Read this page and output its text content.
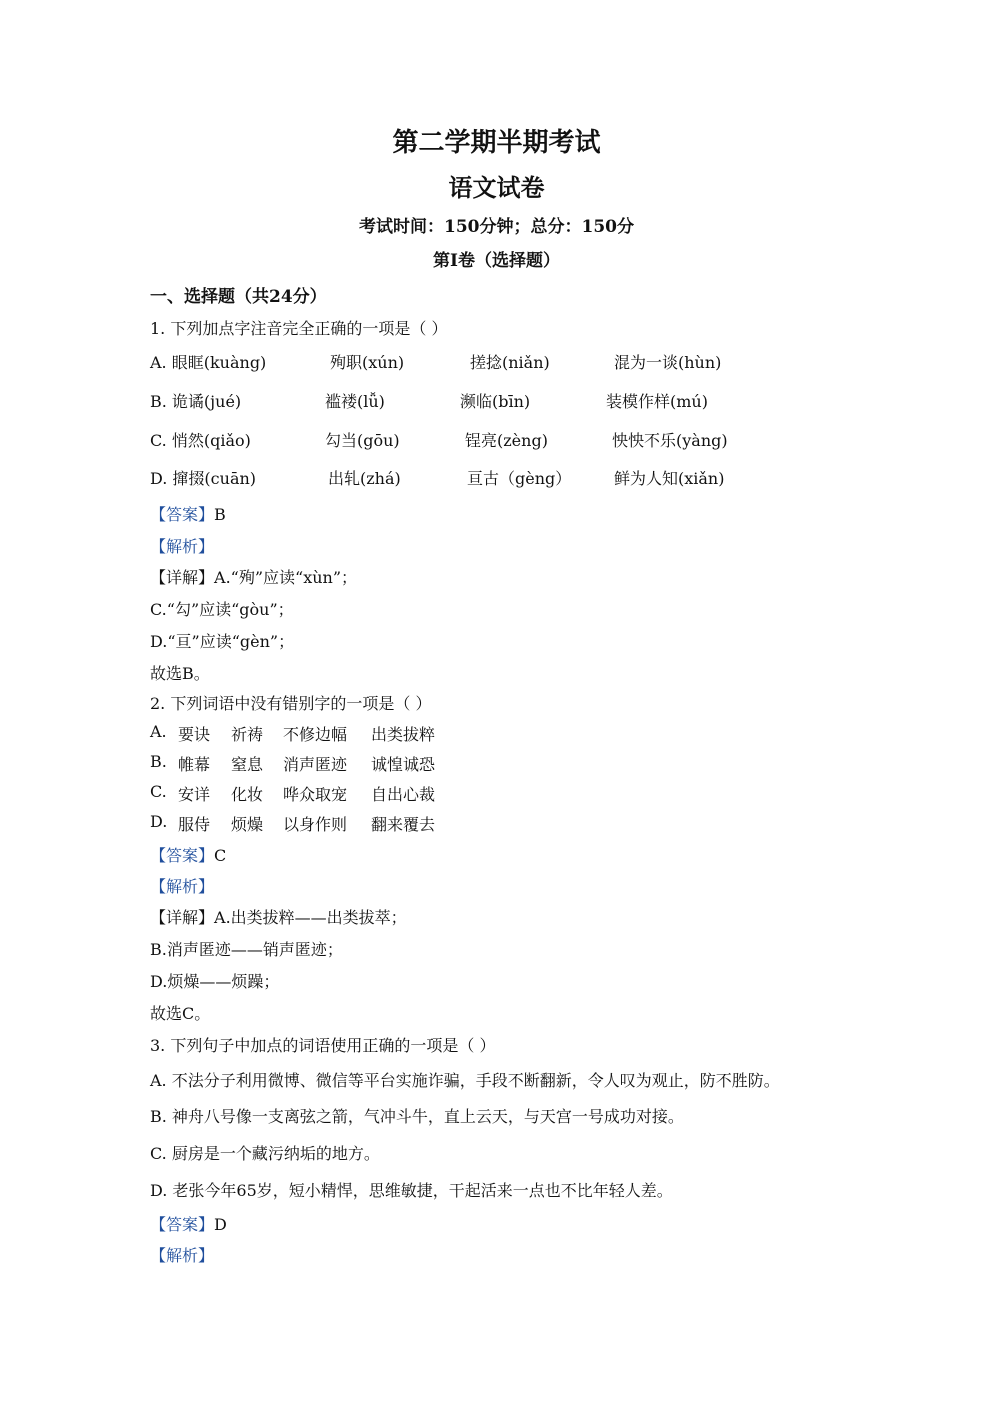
第二学期半期考试
语文试卷
考试时间：150分钟；总分：150分
第I卷（选择题）
一、选择题（共24分）
1. 下列加点字注音完全正确的一项是（ ）
A. 眼眶(kuàng)	殉职(xún)	搓捻(niǎn)	混为一谈(hùn)
B. 诡谲(jué)	褴褛(lǚ)	濒临(bīn)	装模作样(mú)
C. 悄然(qiǎo)	勾当(gōu)	锃亮(zèng)	怏怏不乐(yàng)
D. 撺掇(cuān)	出轧(zhá)	亘古（gèng）	鲜为人知(xiǎn)
【答案】B
【解析】
【详解】A.“殉”应读“xùn”；
C.“勾”应读“gòu”；
D.“亘”应读“gèn”；
故选B。
2. 下列词语中没有错别字的一项是（ ）
A. 要诀 祈祷 不修边幅 出类拔粹
B. 帷幕 窒息 消声匿迹 诚惶诚恐
C. 安详 化妆 哗众取宠 自出心裁
D. 服侍 烦燥 以身作则 翻来覆去
【答案】C
【解析】
【详解】A.出类拔粹——出类拔萃；
B.消声匿迹——销声匿迹；
D.烦燥——烦躁；
故选C。
3. 下列句子中加点的词语使用正确的一项是（ ）
A. 不法分子利用微博、微信等平台实施诈骗，手段不断翻新，令人叹为观止，防不胜防。
B. 神舟八号像一支离弦之箭，气冲斗牛，直上云天，与天宫一号成功对接。
C. 厨房是一个藏污纳垢的地方。
D. 老张今年65岁，短小精悍，思维敏捷，干起活来一点也不比年轻人差。
【答案】D
【解析】
